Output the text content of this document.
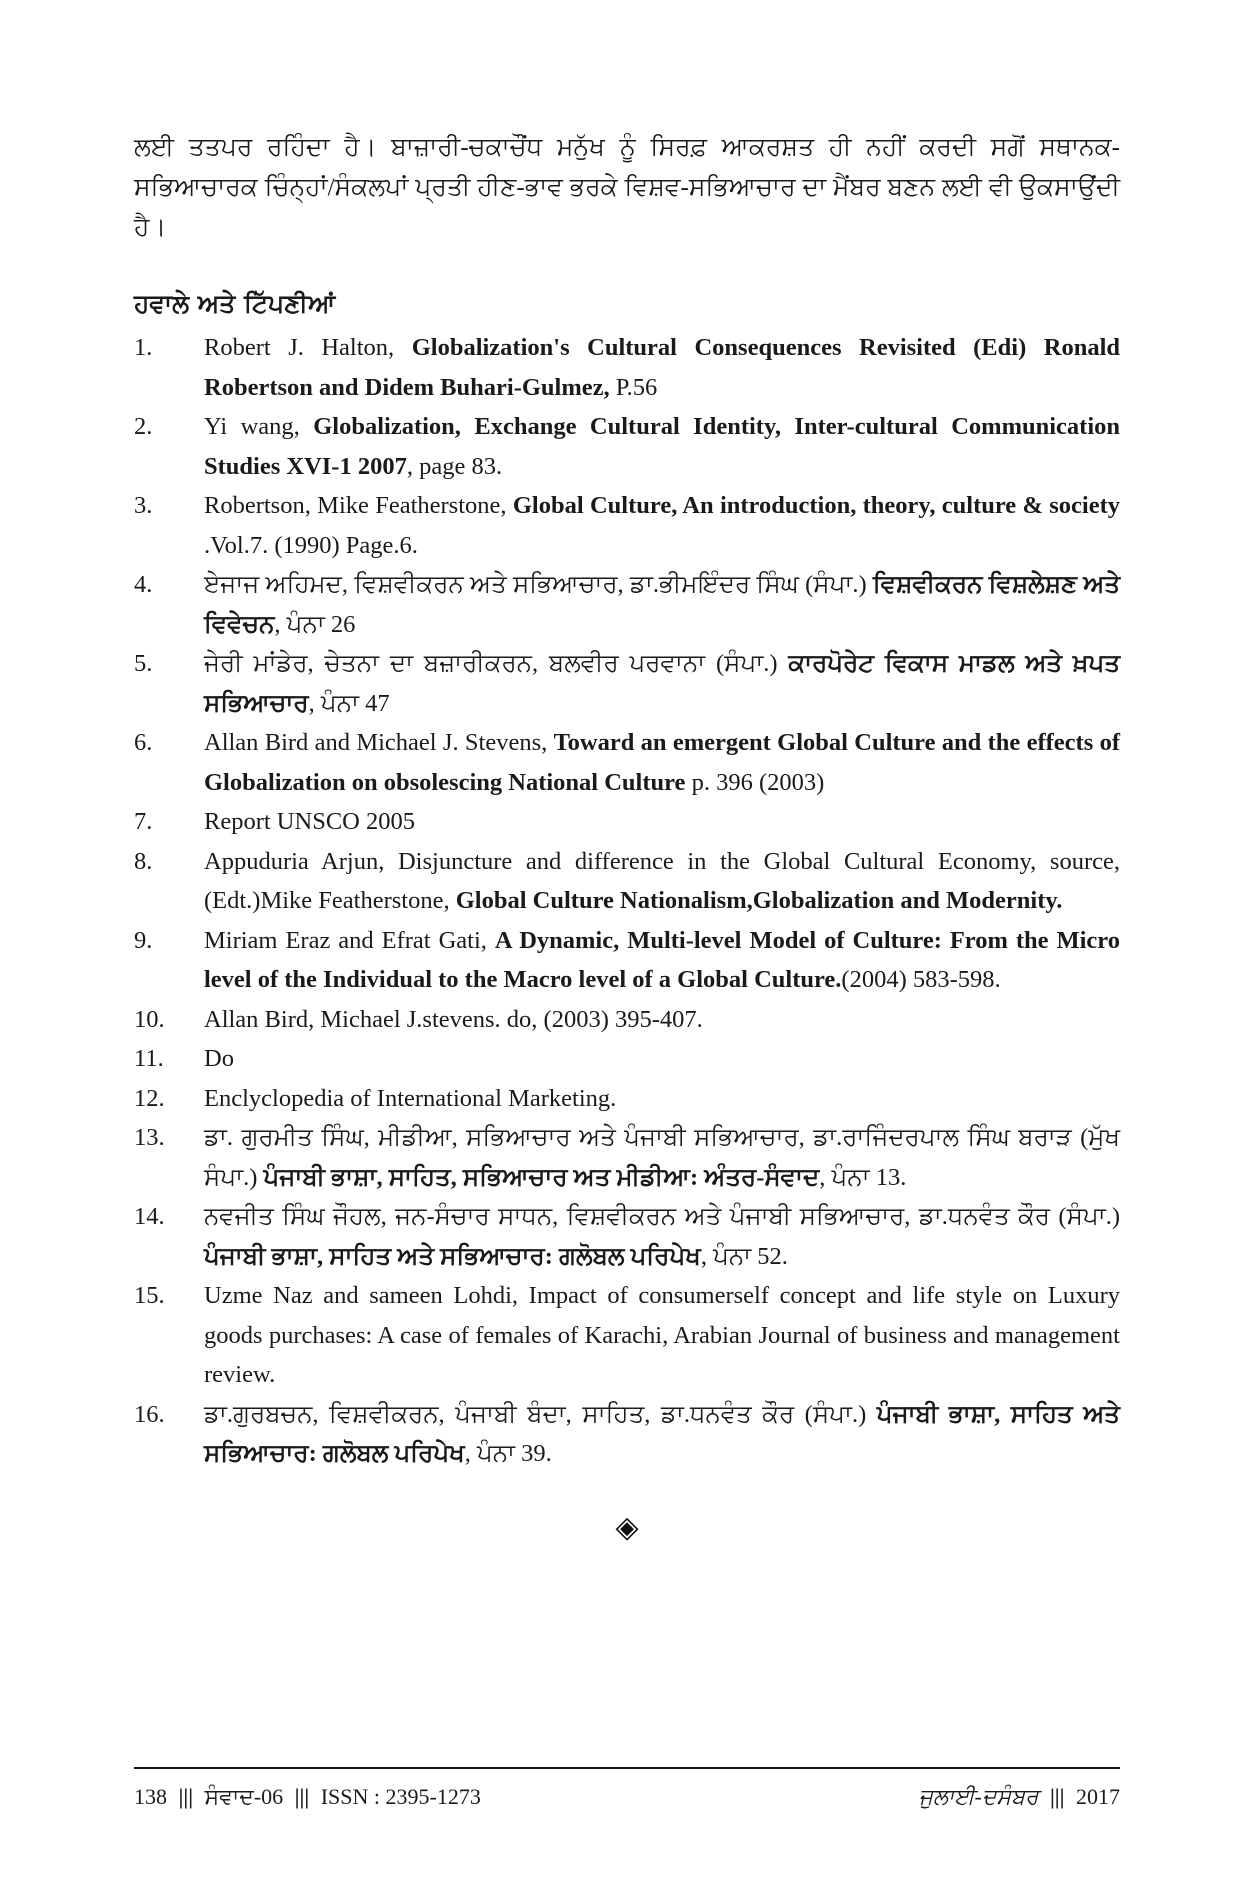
ਲਈ ਤਤਪਰ ਰਹਿੰਦਾ ਹੈ। ਬਾਜ਼ਾਰੀ-ਚਕਾਚੌਂਧ ਮਨੁੱਖ ਨੂੰ ਸਿਰਫ਼ ਆਕਰਸ਼ਤ ਹੀ ਨਹੀਂ ਕਰਦੀ ਸਗੋਂ ਸਥਾਨਕ-ਸਭਿਆਚਾਰਕ ਚਿੰਨ੍ਹਾਂ/ਸੰਕਲਪਾਂ ਪ੍ਰਤੀ ਹੀਣ-ਭਾਵ ਭਰਕੇ ਵਿਸ਼ਵ-ਸਭਿਆਚਾਰ ਦਾ ਮੈਂਬਰ ਬਣਨ ਲਈ ਵੀ ਉਕਸਾਉਂਦੀ ਹੈ।

ਹਵਾਲੇ ਅਤੇ ਟਿੱਪਣੀਆਂ
1.	Robert J. Halton, Globalization's Cultural Consequences Revisited (Edi) Ronald Robertson and Didem Buhari-Gulmez, P.56
2.	Yi wang, Globalization, Exchange Cultural Identity, Inter-cultural Communication Studies XVI-1 2007, page 83.
3.	Robertson, Mike Featherstone, Global Culture, An introduction, theory, culture & society .Vol.7. (1990) Page.6.
4.	ਏਜਾਜ ਅਹਿਮਦ, ਵਿਸ਼ਵੀਕਰਨ ਅਤੇ ਸਭਿਆਚਾਰ, ਡਾ.ਭੀਮਇੰਦਰ ਸਿੰਘ (ਸੰਪਾ.) ਵਿਸ਼ਵੀਕਰਨ ਵਿਸ਼ਲੇਸ਼ਣ ਅਤੇ ਵਿਵੇਚਨ, ਪੰਨਾ 26
5.	ਜੇਰੀ ਮਾਂਡੇਰ, ਚੇਤਨਾ ਦਾ ਬਜ਼ਾਰੀਕਰਨ, ਬਲਵੀਰ ਪਰਵਾਨਾ (ਸੰਪਾ.) ਕਾਰਪੋਰੇਟ ਵਿਕਾਸ ਮਾਡਲ ਅਤੇ ਖ਼ਪਤ ਸਭਿਆਚਾਰ, ਪੰਨਾ 47
6.	Allan Bird and Michael J. Stevens, Toward an emergent Global Culture and the effects of Globalization on obsolescing National Culture p. 396 (2003)
7.	Report UNSCO 2005
8.	Appuduria Arjun, Disjuncture and difference in the Global Cultural Economy, source, (Edt.)Mike Featherstone, Global Culture Nationalism,Globalization and Modernity.
9.	Miriam Eraz and Efrat Gati, A Dynamic, Multi-level Model of Culture: From the Micro level of the Individual to the Macro level of a Global Culture.(2004) 583-598.
10.	Allan Bird, Michael J.stevens. do, (2003) 395-407.
11.	Do
12.	Enclyclopedia of International Marketing.
13.	ਡਾ. ਗੁਰਮੀਤ ਸਿੰਘ, ਮੀਡੀਆ, ਸਭਿਆਚਾਰ ਅਤੇ ਪੰਜਾਬੀ ਸਭਿਆਚਾਰ, ਡਾ.ਰਾਜਿੰਦਰਪਾਲ ਸਿੰਘ ਬਰਾੜ (ਮੁੱਖ ਸੰਪਾ.) ਪੰਜਾਬੀ ਭਾਸ਼ਾ, ਸਾਹਿਤ, ਸਭਿਆਚਾਰ ਅਤ ਮੀਡੀਆ: ਅੰਤਰ-ਸੰਵਾਦ, ਪੰਨਾ 13.
14.	ਨਵਜੀਤ ਸਿੰਘ ਜੌਹਲ, ਜਨ-ਸੰਚਾਰ ਸਾਧਨ, ਵਿਸ਼ਵੀਕਰਨ ਅਤੇ ਪੰਜਾਬੀ ਸਭਿਆਚਾਰ, ਡਾ.ਧਨਵੰਤ ਕੌਰ (ਸੰਪਾ.) ਪੰਜਾਬੀ ਭਾਸ਼ਾ, ਸਾਹਿਤ ਅਤੇ ਸਭਿਆਚਾਰ: ਗਲੋਬਲ ਪਰਿਪੇਖ, ਪੰਨਾ 52.
15.	Uzme Naz and sameen Lohdi, Impact of consumerself concept and life style on Luxury goods purchases: A case of females of Karachi, Arabian Journal of business and management review.
16.	ਡਾ.ਗੁਰਬਚਨ, ਵਿਸ਼ਵੀਕਰਨ, ਪੰਜਾਬੀ ਬੰਦਾ, ਸਾਹਿਤ, ਡਾ.ਧਨਵੰਤ ਕੌਰ (ਸੰਪਾ.) ਪੰਜਾਬੀ ਭਾਸ਼ਾ, ਸਾਹਿਤ ਅਤੇ ਸਭਿਆਚਾਰ: ਗਲੋਬਲ ਪਰਿਪੇਖ, ਪੰਨਾ 39.
◈
138 ||| ਸੰਵਾਦ-06 ||| ISSN : 2395-1273	ਜੁਲਾਈ-ਦਸੰਬਰ ||| 2017
